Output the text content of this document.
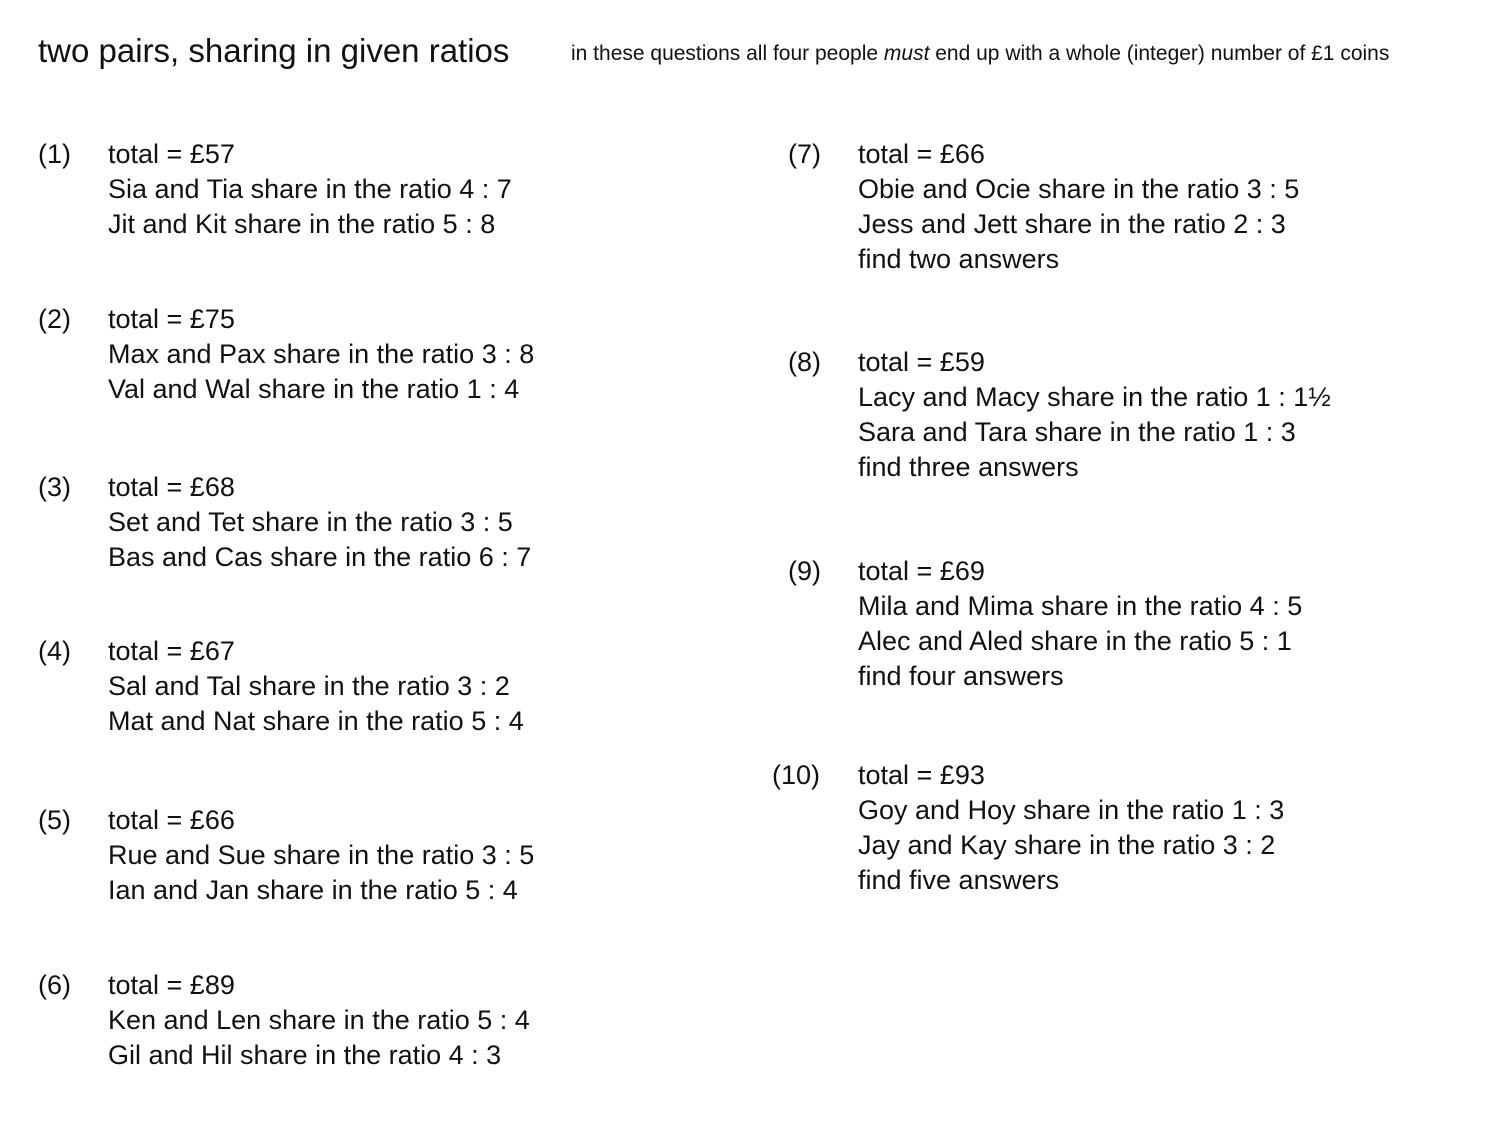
two pairs, sharing in given ratios	in these questions all four people must end up with a whole (integer) number of £1 coins
(1) total = £57
Sia and Tia share in the ratio 4 : 7
Jit and Kit share in the ratio 5 : 8
(2) total = £75
Max and Pax share in the ratio 3 : 8
Val and Wal share in the ratio 1 : 4
(3) total = £68
Set and Tet share in the ratio 3 : 5
Bas and Cas share in the ratio 6 : 7
(4) total = £67
Sal and Tal share in the ratio 3 : 2
Mat and Nat share in the ratio 5 : 4
(5) total = £66
Rue and Sue share in the ratio 3 : 5
Ian and Jan share in the ratio 5 : 4
(6) total = £89
Ken and Len share in the ratio 5 : 4
Gil and Hil share in the ratio 4 : 3
(7) total = £66
Obie and Ocie share in the ratio 3 : 5
Jess and Jett share in the ratio 2 : 3
find two answers
(8) total = £59
Lacy and Macy share in the ratio 1 : 1½
Sara and Tara share in the ratio 1 : 3
find three answers
(9) total = £69
Mila and Mima share in the ratio 4 : 5
Alec and Aled share in the ratio 5 : 1
find four answers
(10) total = £93
Goy and Hoy share in the ratio 1 : 3
Jay and Kay share in the ratio 3 : 2
find five answers
